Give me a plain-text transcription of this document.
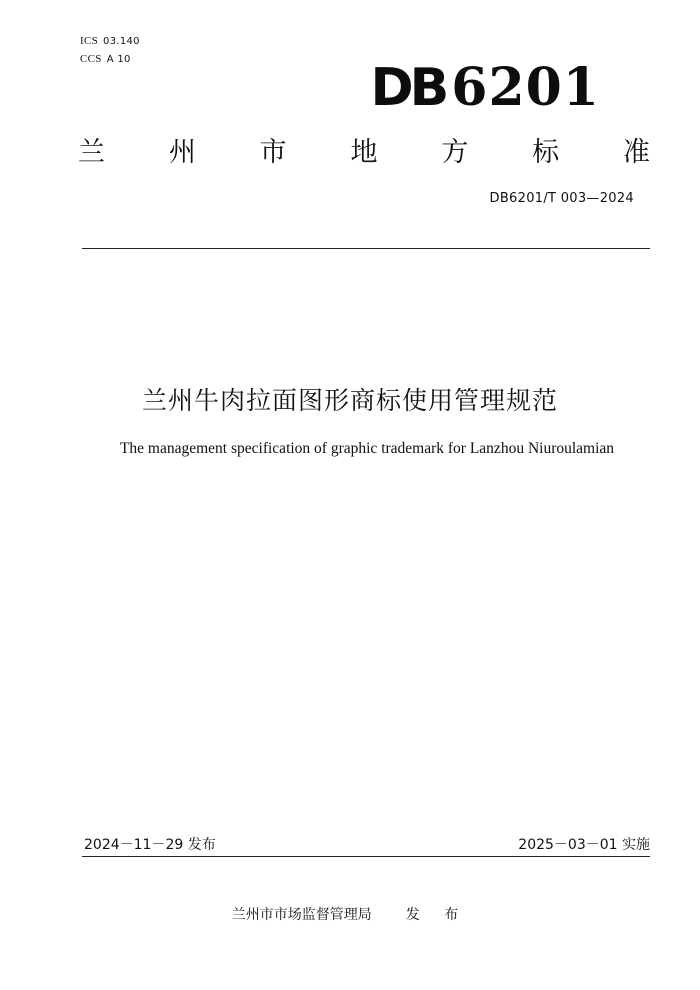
ICS 03.140
CCS A 10	DB 6201
兰 州 市 地 方 标 准
DB6201/T 003—2024
兰州牛肉拉面图形商标使用管理规范
The management specification of graphic trademark for Lanzhou Niuroulamian
2024－11－29 发布	2025－03－01 实施
兰州市市场监督管理局 发 布
